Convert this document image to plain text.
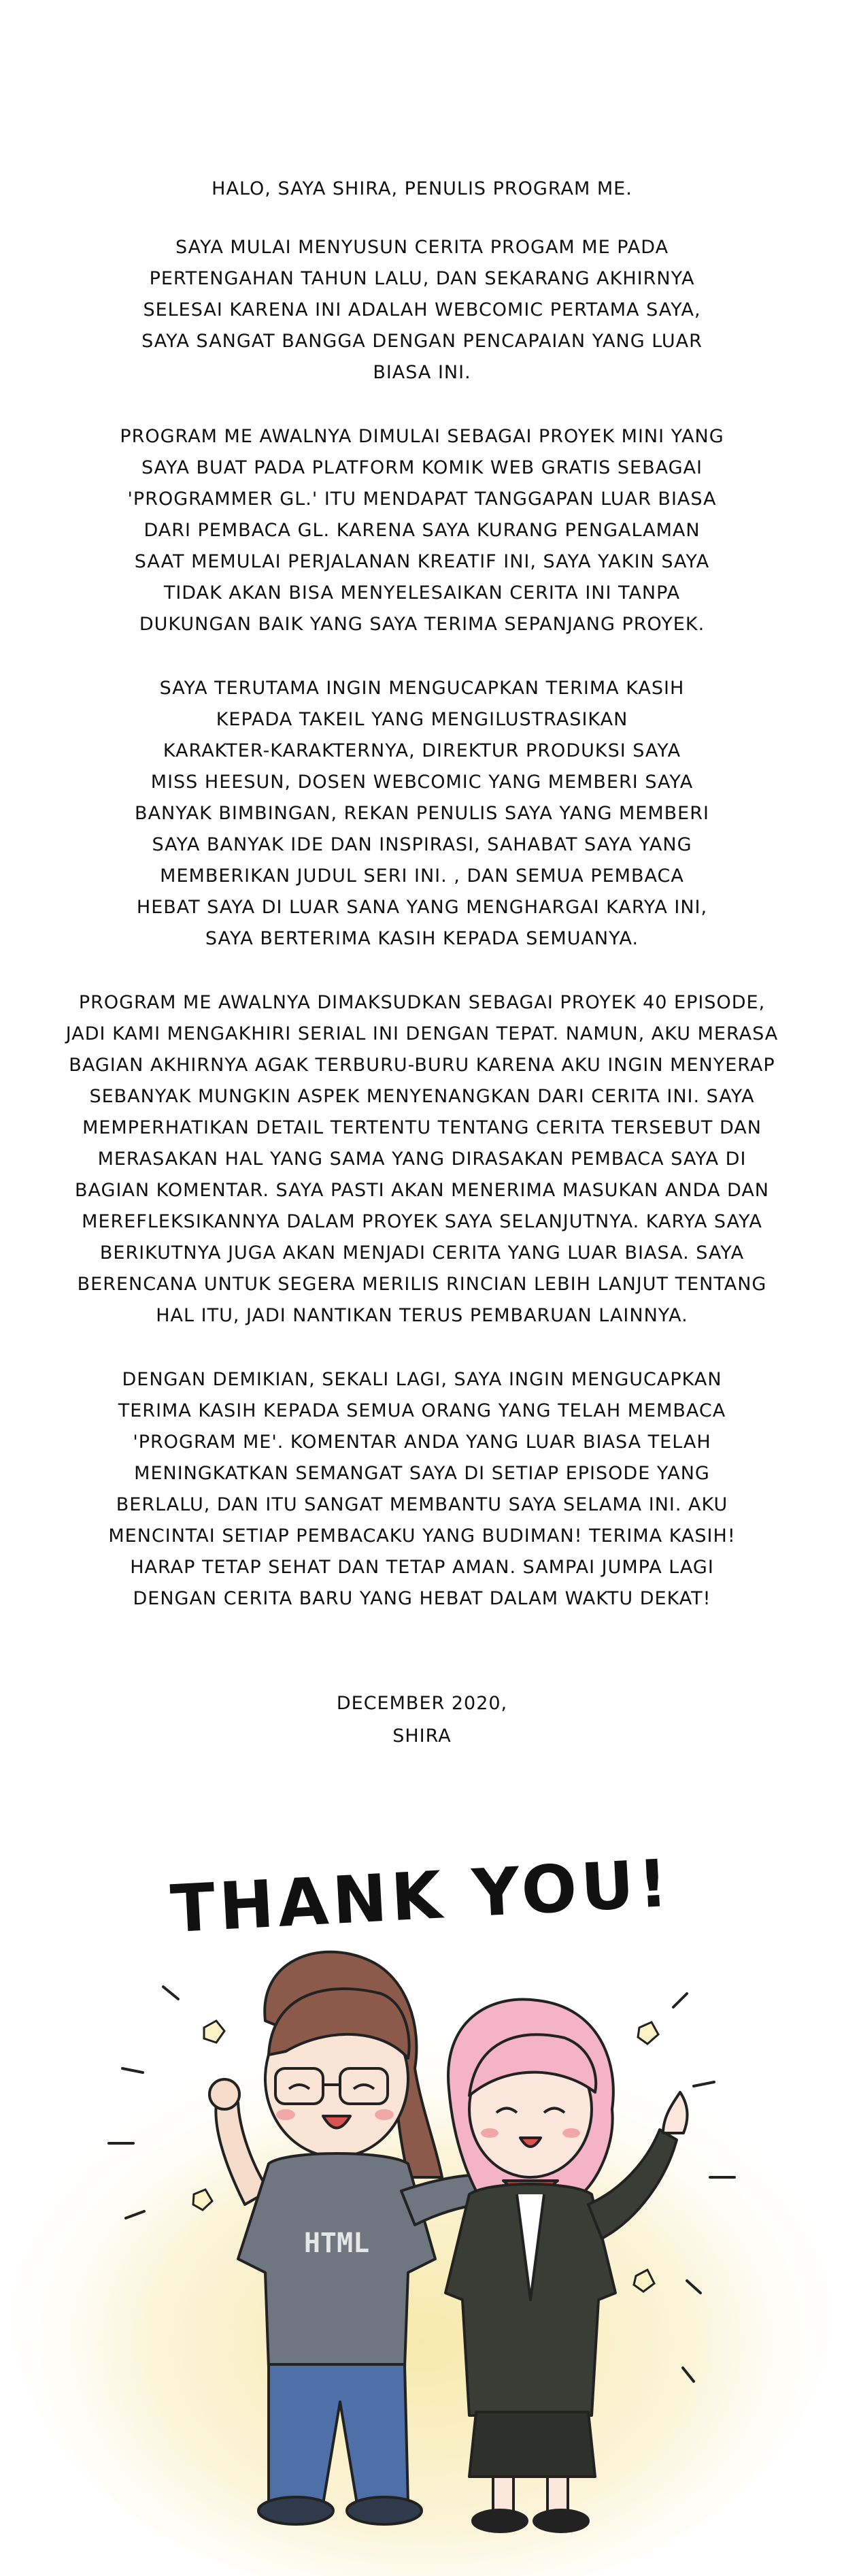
HALO, SAYA SHIRA, PENULIS PROGRAM ME.

SAYA MULAI MENYUSUN CERITA PROGAM ME PADA
PERTENGAHAN TAHUN LALU, DAN SEKARANG AKHIRNYA
SELESAI KARENA INI ADALAH WEBCOMIC PERTAMA SAYA,
SAYA SANGAT BANGGA DENGAN PENCAPAIAN YANG LUAR
BIASA INI.

PROGRAM ME AWALNYA DIMULAI SEBAGAI PROYEK MINI YANG
SAYA BUAT PADA PLATFORM KOMIK WEB GRATIS SEBAGAI
'PROGRAMMER GL.' ITU MENDAPAT TANGGAPAN LUAR BIASA
DARI PEMBACA GL. KARENA SAYA KURANG PENGALAMAN
SAAT MEMULAI PERJALANAN KREATIF INI, SAYA YAKIN SAYA
TIDAK AKAN BISA MENYELESAIKAN CERITA INI TANPA
DUKUNGAN BAIK YANG SAYA TERIMA SEPANJANG PROYEK.

SAYA TERUTAMA INGIN MENGUCAPKAN TERIMA KASIH
KEPADA TAKEIL YANG MENGILUSTRASIKAN
KARAKTER-KARAKTERNYA, DIREKTUR PRODUKSI SAYA
MISS HEESUN, DOSEN WEBCOMIC YANG MEMBERI SAYA
BANYAK BIMBINGAN, REKAN PENULIS SAYA YANG MEMBERI
SAYA BANYAK IDE DAN INSPIRASI, SAHABAT SAYA YANG
MEMBERIKAN JUDUL SERI INI. , DAN SEMUA PEMBACA
HEBAT SAYA DI LUAR SANA YANG MENGHARGAI KARYA INI,
SAYA BERTERIMA KASIH KEPADA SEMUANYA.

PROGRAM ME AWALNYA DIMAKSUDKAN SEBAGAI PROYEK 40 EPISODE,
JADI KAMI MENGAKHIRI SERIAL INI DENGAN TEPAT. NAMUN, AKU MERASA
BAGIAN AKHIRNYA AGAK TERBURU-BURU KARENA AKU INGIN MENYERAP
SEBANYAK MUNGKIN ASPEK MENYENANGKAN DARI CERITA INI. SAYA
MEMPERHATIKAN DETAIL TERTENTU TENTANG CERITA TERSEBUT DAN
MERASAKAN HAL YANG SAMA YANG DIRASAKAN PEMBACA SAYA DI
BAGIAN KOMENTAR. SAYA PASTI AKAN MENERIMA MASUKAN ANDA DAN
MEREFLEKSIKANNYA DALAM PROYEK SAYA SELANJUTNYA. KARYA SAYA
BERIKUTNYA JUGA AKAN MENJADI CERITA YANG LUAR BIASA. SAYA
BERENCANA UNTUK SEGERA MERILIS RINCIAN LEBIH LANJUT TENTANG
HAL ITU, JADI NANTIKAN TERUS PEMBARUAN LAINNYA.

DENGAN DEMIKIAN, SEKALI LAGI, SAYA INGIN MENGUCAPKAN
TERIMA KASIH KEPADA SEMUA ORANG YANG TELAH MEMBACA
'PROGRAM ME'. KOMENTAR ANDA YANG LUAR BIASA TELAH
MENINGKATKAN SEMANGAT SAYA DI SETIAP EPISODE YANG
BERLALU, DAN ITU SANGAT MEMBANTU SAYA SELAMA INI. AKU
MENCINTAI SETIAP PEMBACAKU YANG BUDIMAN! TERIMA KASIH!
HARAP TETAP SEHAT DAN TETAP AMAN. SAMPAI JUMPA LAGI
DENGAN CERITA BARU YANG HEBAT DALAM WAKTU DEKAT!

DECEMBER 2020,
SHIRA
THANK YOU!
HTML
